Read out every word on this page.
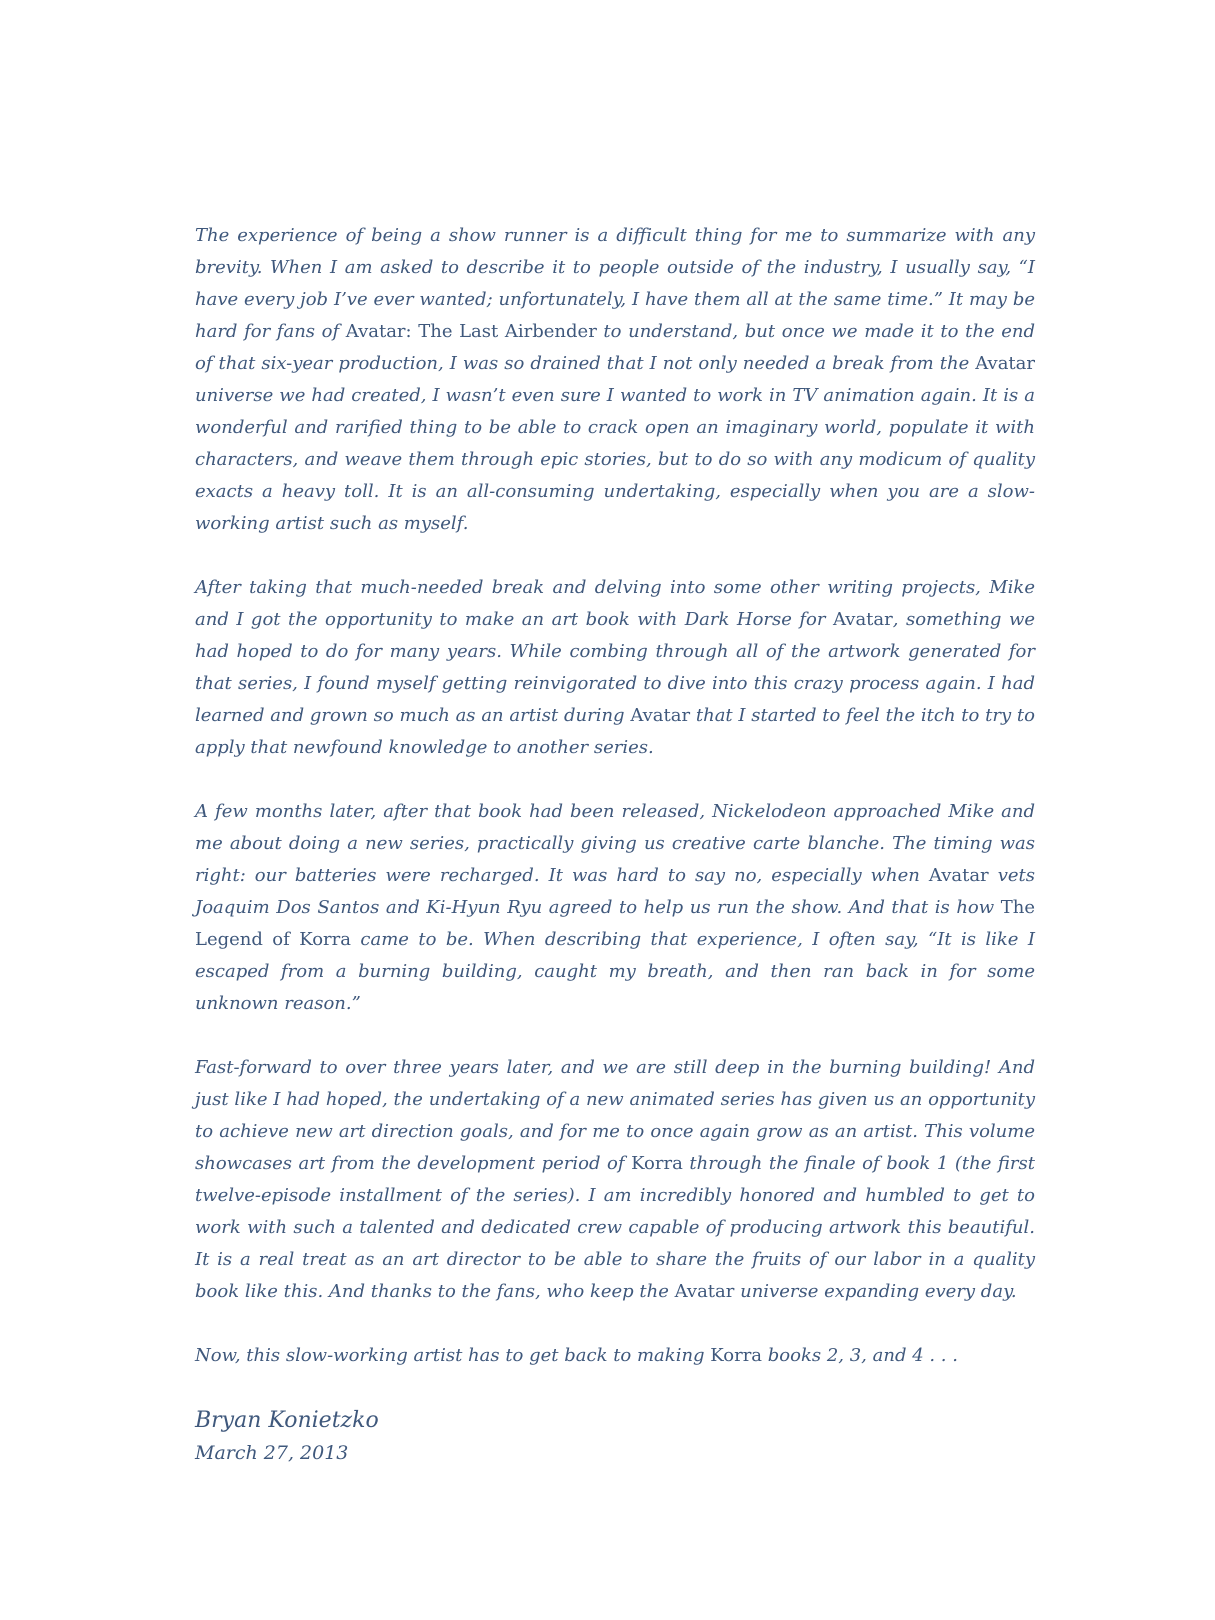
The experience of being a show runner is a difficult thing for me to summarize with any brevity. When I am asked to describe it to people outside of the industry, I usually say, “I have every job I’ve ever wanted; unfortunately, I have them all at the same time.” It may be hard for fans of Avatar: The Last Airbender to understand, but once we made it to the end of that six-year production, I was so drained that I not only needed a break from the Avatar universe we had created, I wasn’t even sure I wanted to work in TV animation again. It is a wonderful and rarified thing to be able to crack open an imaginary world, populate it with characters, and weave them through epic stories, but to do so with any modicum of quality exacts a heavy toll. It is an all-consuming undertaking, especially when you are a slow-working artist such as myself.

After taking that much-needed break and delving into some other writing projects, Mike and I got the opportunity to make an art book with Dark Horse for Avatar, something we had hoped to do for many years. While combing through all of the artwork generated for that series, I found myself getting reinvigorated to dive into this crazy process again. I had learned and grown so much as an artist during Avatar that I started to feel the itch to try to apply that newfound knowledge to another series.

A few months later, after that book had been released, Nickelodeon approached Mike and me about doing a new series, practically giving us creative carte blanche. The timing was right: our batteries were recharged. It was hard to say no, especially when Avatar vets Joaquim Dos Santos and Ki-Hyun Ryu agreed to help us run the show. And that is how The Legend of Korra came to be. When describing that experience, I often say, “It is like I escaped from a burning building, caught my breath, and then ran back in for some unknown reason.”

Fast-forward to over three years later, and we are still deep in the burning building! And just like I had hoped, the undertaking of a new animated series has given us an opportunity to achieve new art direction goals, and for me to once again grow as an artist. This volume showcases art from the development period of Korra through the finale of book 1 (the first twelve-episode installment of the series). I am incredibly honored and humbled to get to work with such a talented and dedicated crew capable of producing artwork this beautiful. It is a real treat as an art director to be able to share the fruits of our labor in a quality book like this. And thanks to the fans, who keep the Avatar universe expanding every day.

Now, this slow-working artist has to get back to making Korra books 2, 3, and 4 . . .

Bryan Konietzko
March 27, 2013
